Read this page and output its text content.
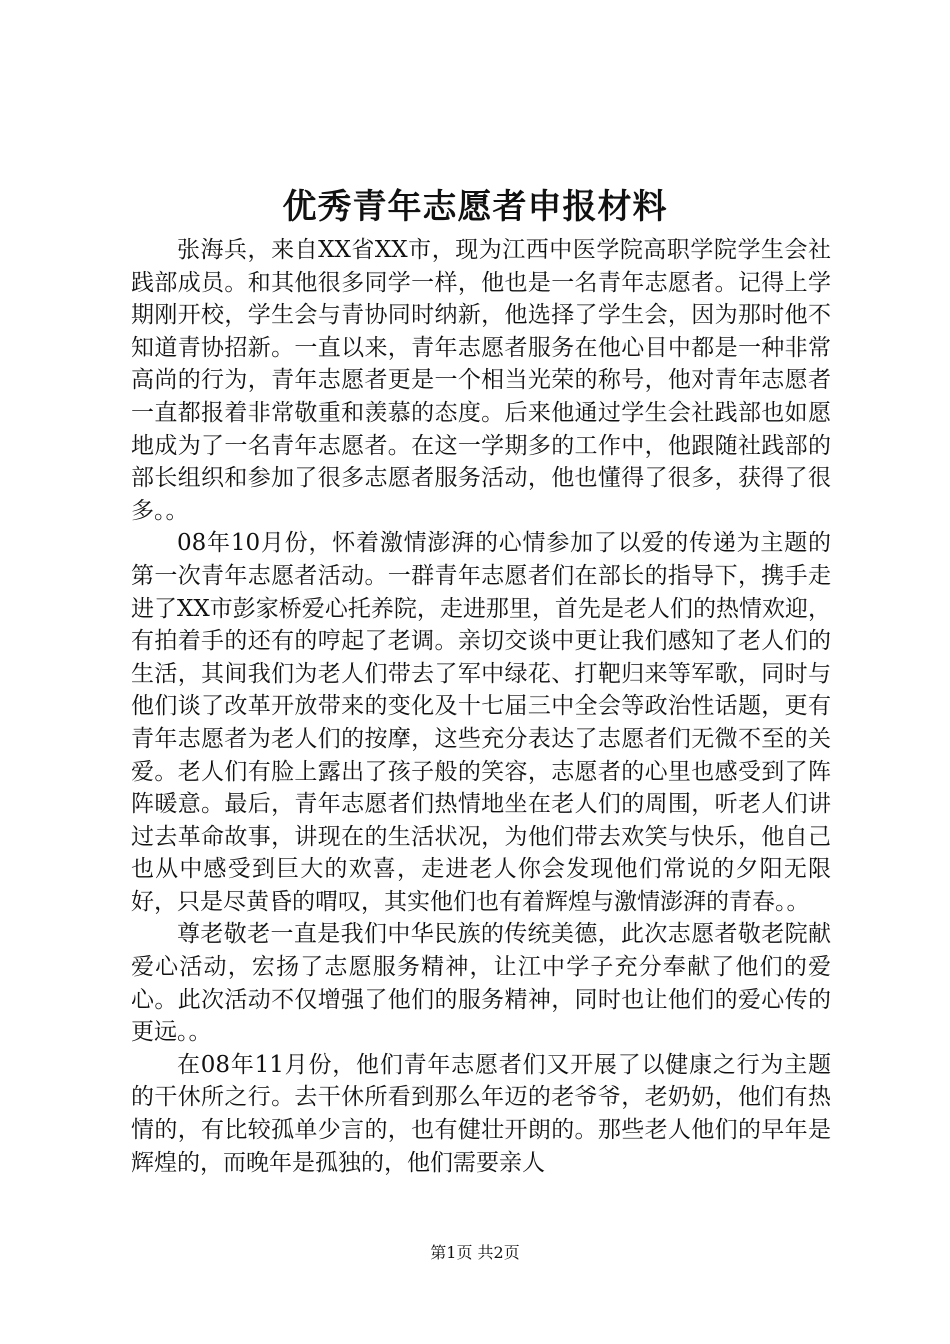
优秀青年志愿者申报材料

张海兵，来自XX省XX市，现为江西中医学院高职学院学生会社践部成员。和其他很多同学一样，他也是一名青年志愿者。记得上学期刚开校，学生会与青协同时纳新，他选择了学生会，因为那时他不知道青协招新。一直以来，青年志愿者服务在他心目中都是一种非常高尚的行为，青年志愿者更是一个相当光荣的称号，他对青年志愿者一直都报着非常敬重和羡慕的态度。后来他通过学生会社践部也如愿地成为了一名青年志愿者。在这一学期多的工作中，他跟随社践部的部长组织和参加了很多志愿者服务活动，他也懂得了很多，获得了很多。。

08年10月份，怀着激情澎湃的心情参加了以爱的传递为主题的第一次青年志愿者活动。一群青年志愿者们在部长的指导下，携手走进了XX市彭家桥爱心托养院，走进那里，首先是老人们的热情欢迎，有拍着手的还有的哼起了老调。亲切交谈中更让我们感知了老人们的生活，其间我们为老人们带去了军中绿花、打靶归来等军歌，同时与他们谈了改革开放带来的变化及十七届三中全会等政治性话题，更有青年志愿者为老人们的按摩，这些充分表达了志愿者们无微不至的关爱。老人们有脸上露出了孩子般的笑容，志愿者的心里也感受到了阵阵暖意。最后，青年志愿者们热情地坐在老人们的周围，听老人们讲过去革命故事，讲现在的生活状况，为他们带去欢笑与快乐，他自己也从中感受到巨大的欢喜，走进老人你会发现他们常说的夕阳无限好，只是尽黄昏的喟叹，其实他们也有着辉煌与激情澎湃的青春。。

尊老敬老一直是我们中华民族的传统美德，此次志愿者敬老院献爱心活动，宏扬了志愿服务精神，让江中学子充分奉献了他们的爱心。此次活动不仅增强了他们的服务精神，同时也让他们的爱心传的更远。。

在08年11月份，他们青年志愿者们又开展了以健康之行为主题的干休所之行。去干休所看到那么年迈的老爷爷，老奶奶，他们有热情的，有比较孤单少言的，也有健壮开朗的。那些老人他们的早年是辉煌的，而晚年是孤独的，他们需要亲人

第1页 共2页
